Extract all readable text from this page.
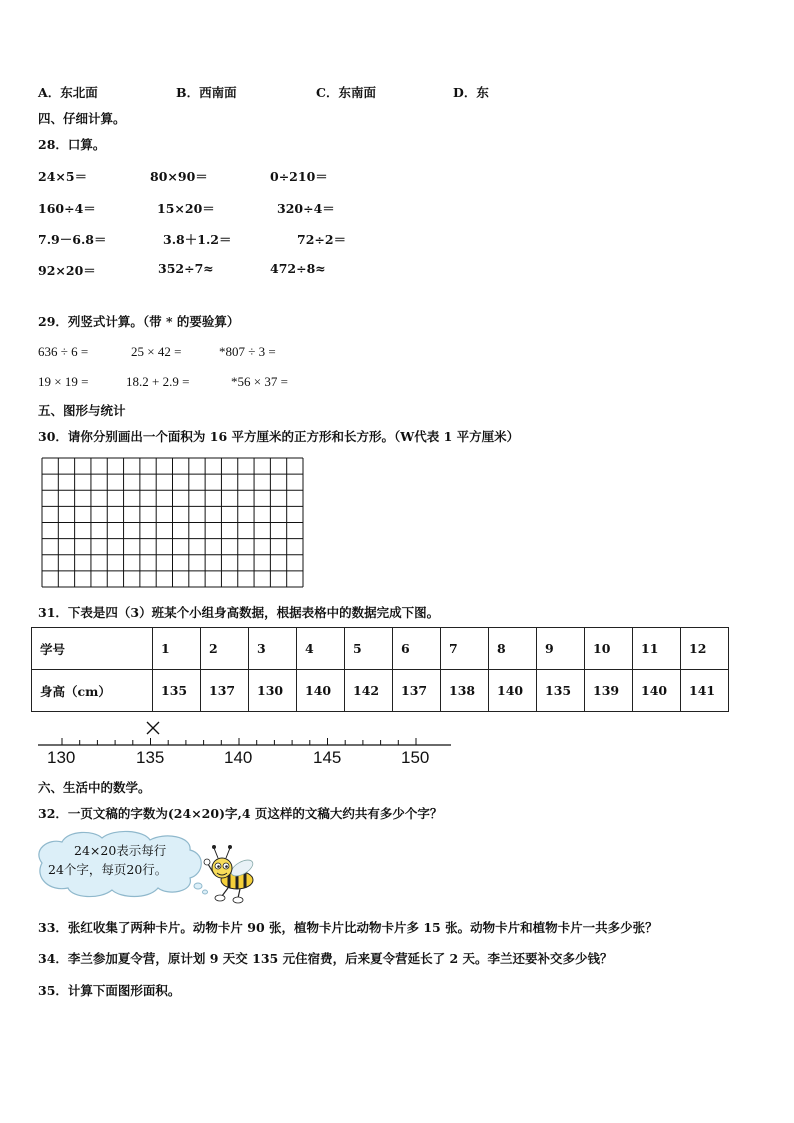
A．东北面	B．西南面	C．东南面	D．东
四、仔细计算。
28．口算。
24×5＝	80×90＝	0÷210＝
160÷4＝	15×20＝	320÷4＝
7.9－6.8＝	3.8＋1.2＝	72÷2＝
92×20＝	352÷7≈	472÷8≈
29．列竖式计算。（带 * 的要验算）
636 ÷ 6 =	25 × 42 =	*807 ÷ 3 =
19 × 19 =	18.2 + 2.9 =	*56 × 37 =
五、图形与统计
30．请你分别画出一个面积为 16 平方厘米的正方形和长方形。（W代表 1 平方厘米）
31．下表是四（3）班某个小组身高数据，根据表格中的数据完成下图。
学号	1	2	3	4	5	6	7	8	9	10	11	12
身高（cm）	135	137	130	140	142	137	138	140	135	139	140	141
130	135	140	145	150
六、生活中的数学。
32．一页文稿的字数为(24×20)字,4 页这样的文稿大约共有多少个字？
24×20表示每行
24个字，每页20行。
33．张红收集了两种卡片。动物卡片 90 张，植物卡片比动物卡片多 15 张。动物卡片和植物卡片一共多少张？
34．李兰参加夏令营，原计划 9 天交 135 元住宿费，后来夏令营延长了 2 天。李兰还要补交多少钱？
35．计算下面图形面积。
